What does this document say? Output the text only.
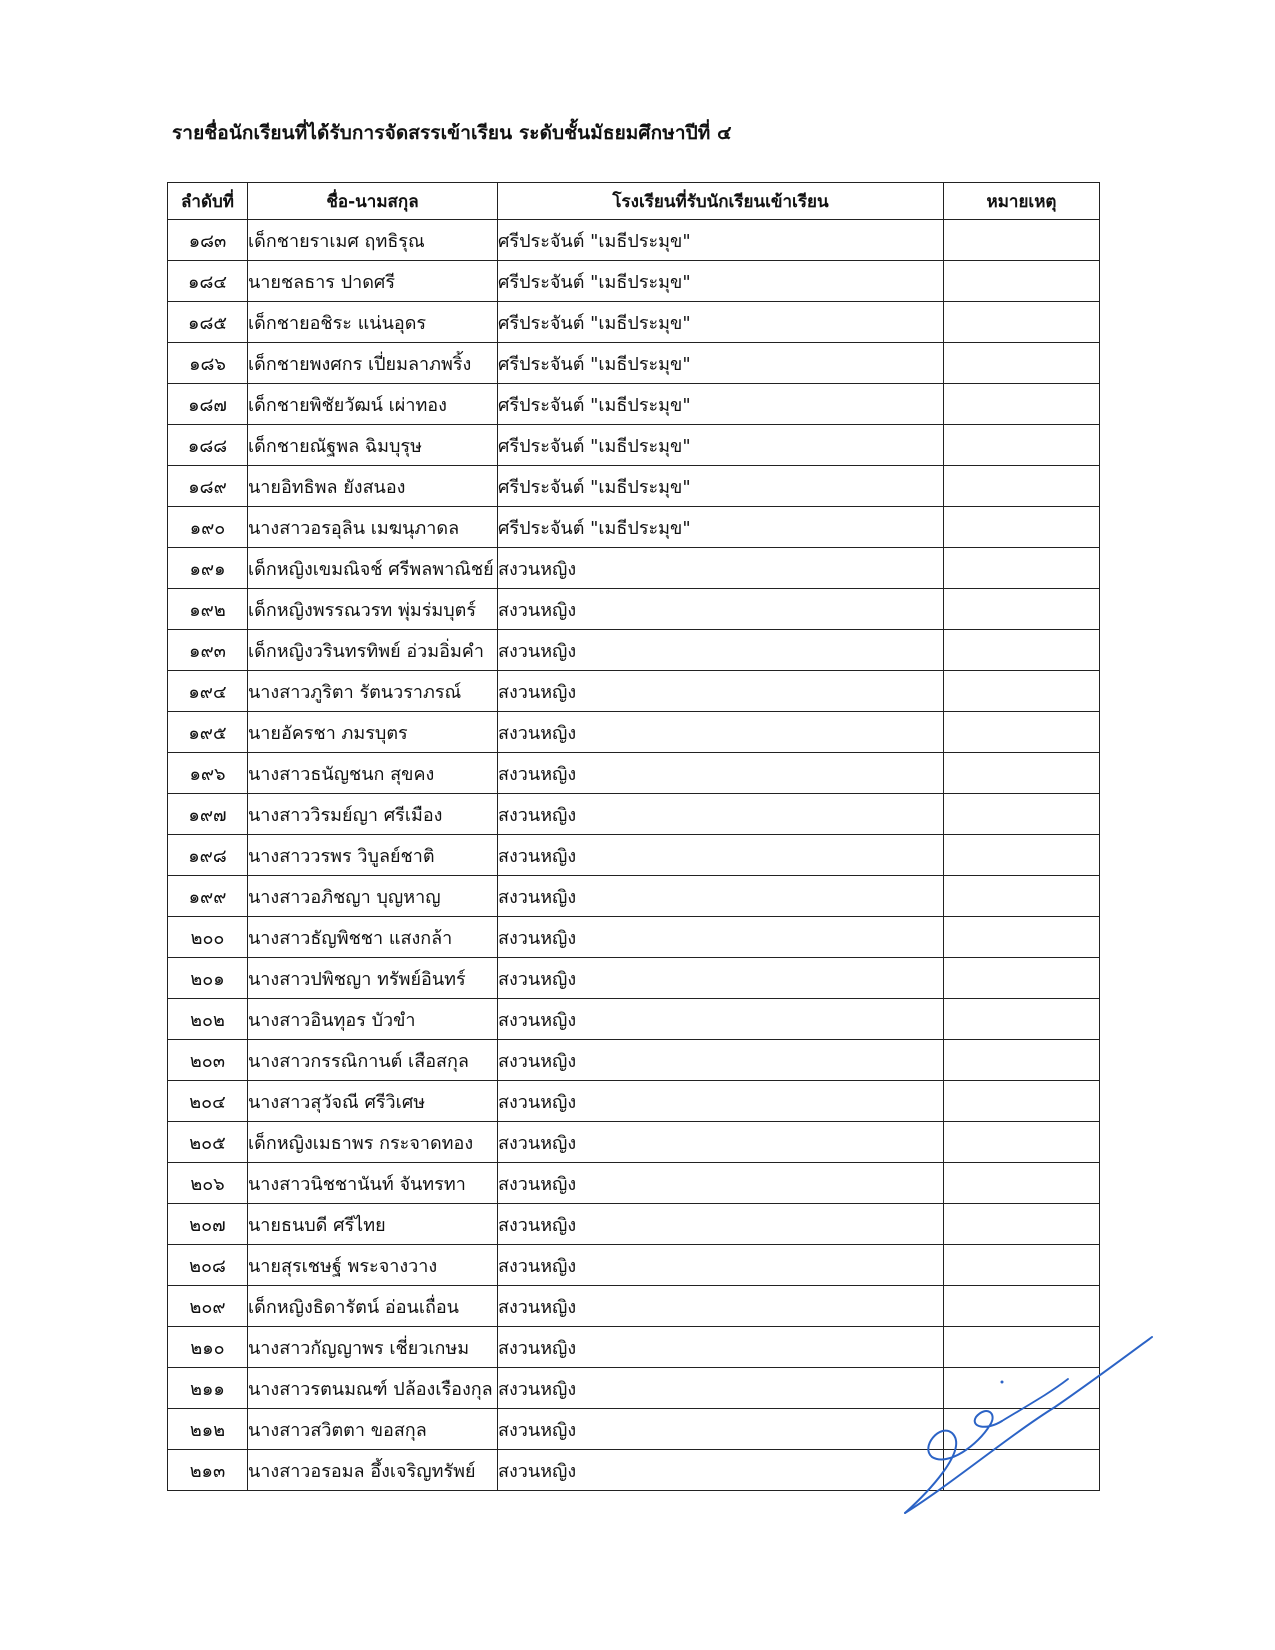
รายชื่อนักเรียนที่ได้รับการจัดสรรเข้าเรียน ระดับชั้นมัธยมศึกษาปีที่ ๔
ลำดับที่	ชื่อ-นามสกุล	โรงเรียนที่รับนักเรียนเข้าเรียน	หมายเหตุ
๑๘๓	เด็กชายราเมศ ฤทธิรุณ	ศรีประจันต์ "เมธีประมุข"	
๑๘๔	นายชลธาร ปาดศรี	ศรีประจันต์ "เมธีประมุข"	
๑๘๕	เด็กชายอชิระ แน่นอุดร	ศรีประจันต์ "เมธีประมุข"	
๑๘๖	เด็กชายพงศกร เปี่ยมลาภพริ้ง	ศรีประจันต์ "เมธีประมุข"	
๑๘๗	เด็กชายพิชัยวัฒน์ เผ่าทอง	ศรีประจันต์ "เมธีประมุข"	
๑๘๘	เด็กชายณัฐพล ฉิมบุรุษ	ศรีประจันต์ "เมธีประมุข"	
๑๘๙	นายอิทธิพล ยังสนอง	ศรีประจันต์ "เมธีประมุข"	
๑๙๐	นางสาวอรอุลิน เมฆนุภาดล	ศรีประจันต์ "เมธีประมุข"	
๑๙๑	เด็กหญิงเขมณิจช์ ศรีพลพาณิชย์	สงวนหญิง	
๑๙๒	เด็กหญิงพรรณวรท พุ่มร่มบุตร์	สงวนหญิง	
๑๙๓	เด็กหญิงวรินทรทิพย์ อ่วมอิ่มคำ	สงวนหญิง	
๑๙๔	นางสาวภูริตา รัตนวราภรณ์	สงวนหญิง	
๑๙๕	นายอัครชา ภมรบุตร	สงวนหญิง	
๑๙๖	นางสาวธนัญชนก สุขคง	สงวนหญิง	
๑๙๗	นางสาววิรมย์ญา ศรีเมือง	สงวนหญิง	
๑๙๘	นางสาววรพร วิบูลย์ชาติ	สงวนหญิง	
๑๙๙	นางสาวอภิชญา บุญหาญ	สงวนหญิง	
๒๐๐	นางสาวธัญพิชชา แสงกล้า	สงวนหญิง	
๒๐๑	นางสาวปพิชญา ทรัพย์อินทร์	สงวนหญิง	
๒๐๒	นางสาวอินทุอร บัวขำ	สงวนหญิง	
๒๐๓	นางสาวกรรณิกานต์ เสือสกุล	สงวนหญิง	
๒๐๔	นางสาวสุวัจณี ศรีวิเศษ	สงวนหญิง	
๒๐๕	เด็กหญิงเมธาพร กระจาดทอง	สงวนหญิง	
๒๐๖	นางสาวนิชชานันท์ จันทรทา	สงวนหญิง	
๒๐๗	นายธนบดี ศรีไทย	สงวนหญิง	
๒๐๘	นายสุรเชษฐ์ พระจางวาง	สงวนหญิง	
๒๐๙	เด็กหญิงธิดารัตน์ อ่อนเถื่อน	สงวนหญิง	
๒๑๐	นางสาวกัญญาพร เชี่ยวเกษม	สงวนหญิง	
๒๑๑	นางสาวรตนมณฑ์ ปล้องเรืองกุล	สงวนหญิง	
๒๑๒	นางสาวสวิตตา ขอสกุล	สงวนหญิง	
๒๑๓	นางสาวอรอมล อึ้งเจริญทรัพย์	สงวนหญิง	
